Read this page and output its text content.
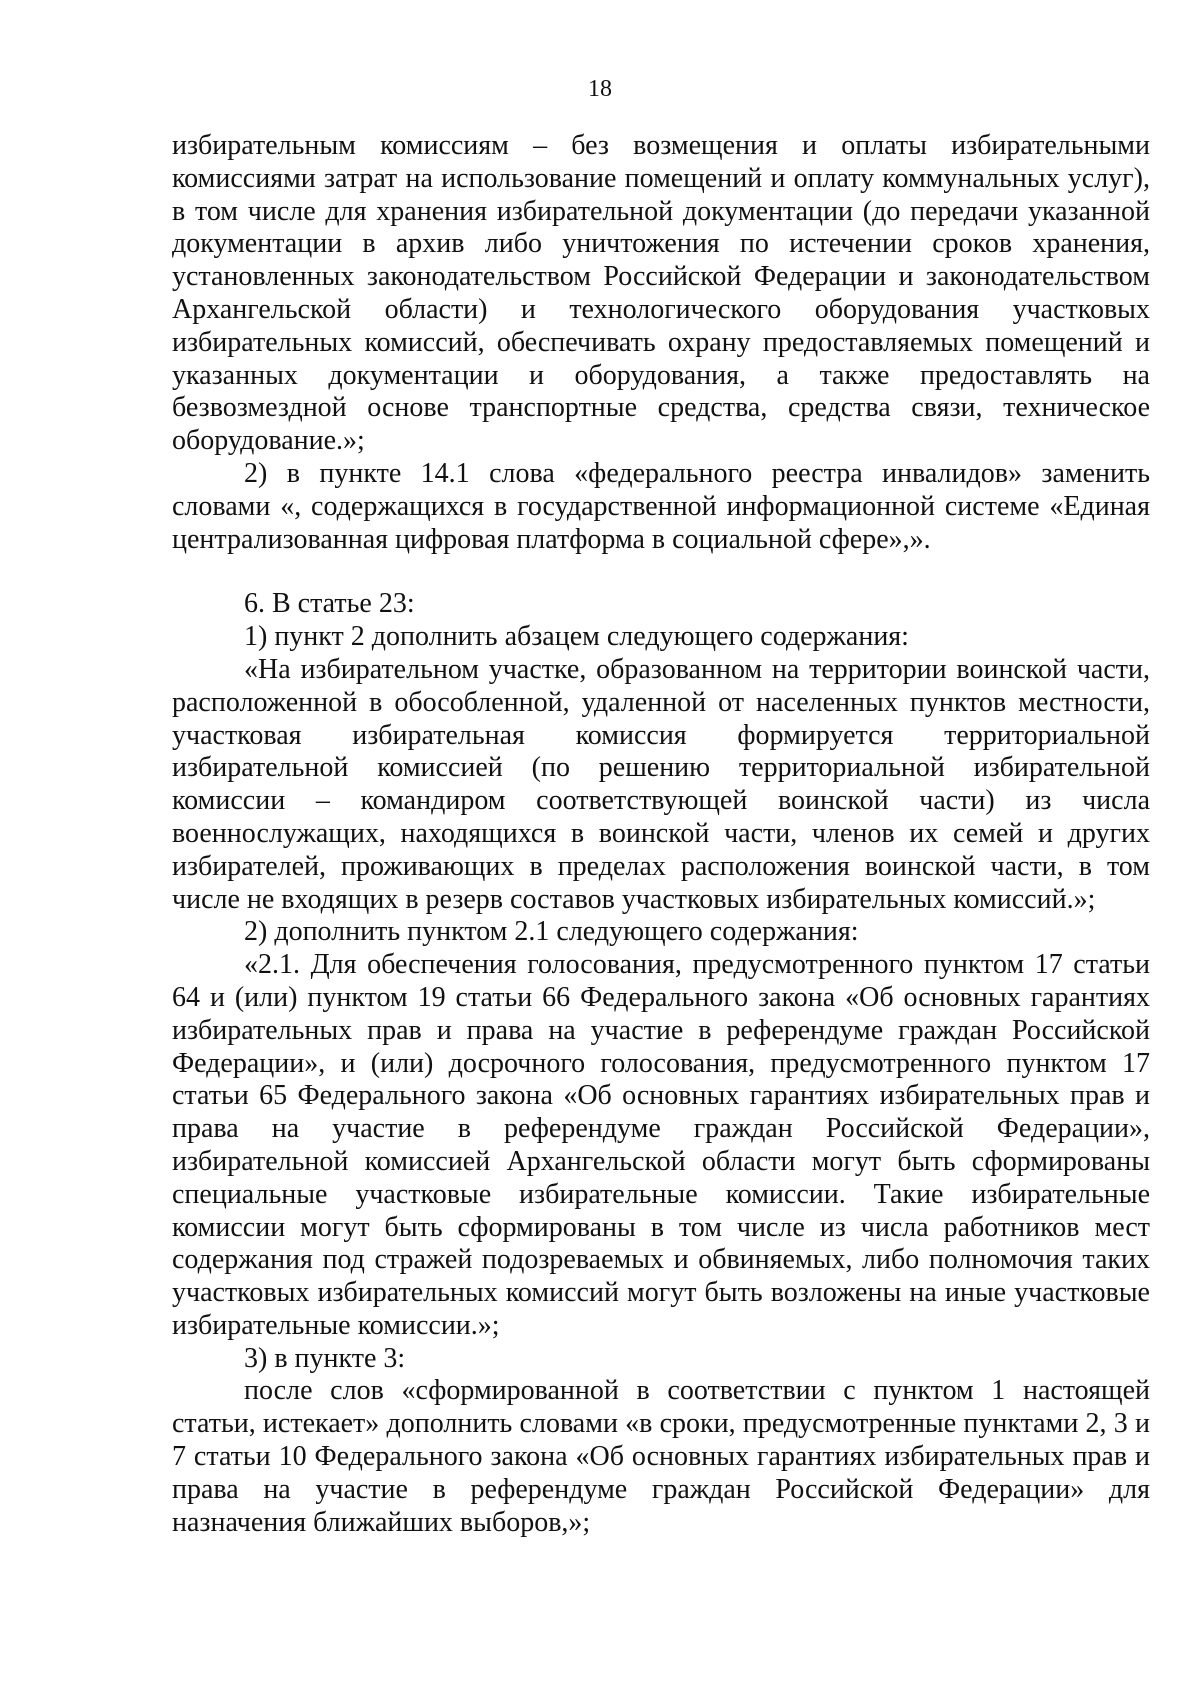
18

избирательным комиссиям – без возмещения и оплаты избирательными комиссиями затрат на использование помещений и оплату коммунальных услуг), в том числе для хранения избирательной документации (до передачи указанной документации в архив либо уничтожения по истечении сроков хранения, установленных законодательством Российской Федерации и законодательством Архангельской области) и технологического оборудования участковых избирательных комиссий, обеспечивать охрану предоставляемых помещений и указанных документации и оборудования, а также предоставлять на безвозмездной основе транспортные средства, средства связи, техническое оборудование.»;

2) в пункте 14.1 слова «федерального реестра инвалидов» заменить словами «, содержащихся в государственной информационной системе «Единая централизованная цифровая платформа в социальной сфере»,».

6. В статье 23:

1) пункт 2 дополнить абзацем следующего содержания:

«На избирательном участке, образованном на территории воинской части, расположенной в обособленной, удаленной от населенных пунктов местности, участковая избирательная комиссия формируется территориальной избирательной комиссией (по решению территориальной избирательной комиссии – командиром соответствующей воинской части) из числа военнослужащих, находящихся в воинской части, членов их семей и других избирателей, проживающих в пределах расположения воинской части, в том числе не входящих в резерв составов участковых избирательных комиссий.»;

2) дополнить пунктом 2.1 следующего содержания:

«2.1. Для обеспечения голосования, предусмотренного пунктом 17 статьи 64 и (или) пунктом 19 статьи 66 Федерального закона «Об основных гарантиях избирательных прав и права на участие в референдуме граждан Российской Федерации», и (или) досрочного голосования, предусмотренного пунктом 17 статьи 65 Федерального закона «Об основных гарантиях избирательных прав и права на участие в референдуме граждан Российской Федерации», избирательной комиссией Архангельской области могут быть сформированы специальные участковые избирательные комиссии. Такие избирательные комиссии могут быть сформированы в том числе из числа работников мест содержания под стражей подозреваемых и обвиняемых, либо полномочия таких участковых избирательных комиссий могут быть возложены на иные участковые избирательные комиссии.»;

3) в пункте 3:

после слов «сформированной в соответствии с пунктом 1 настоящей статьи, истекает» дополнить словами «в сроки, предусмотренные пунктами 2, 3 и 7 статьи 10 Федерального закона «Об основных гарантиях избирательных прав и права на участие в референдуме граждан Российской Федерации» для назначения ближайших выборов,»;
